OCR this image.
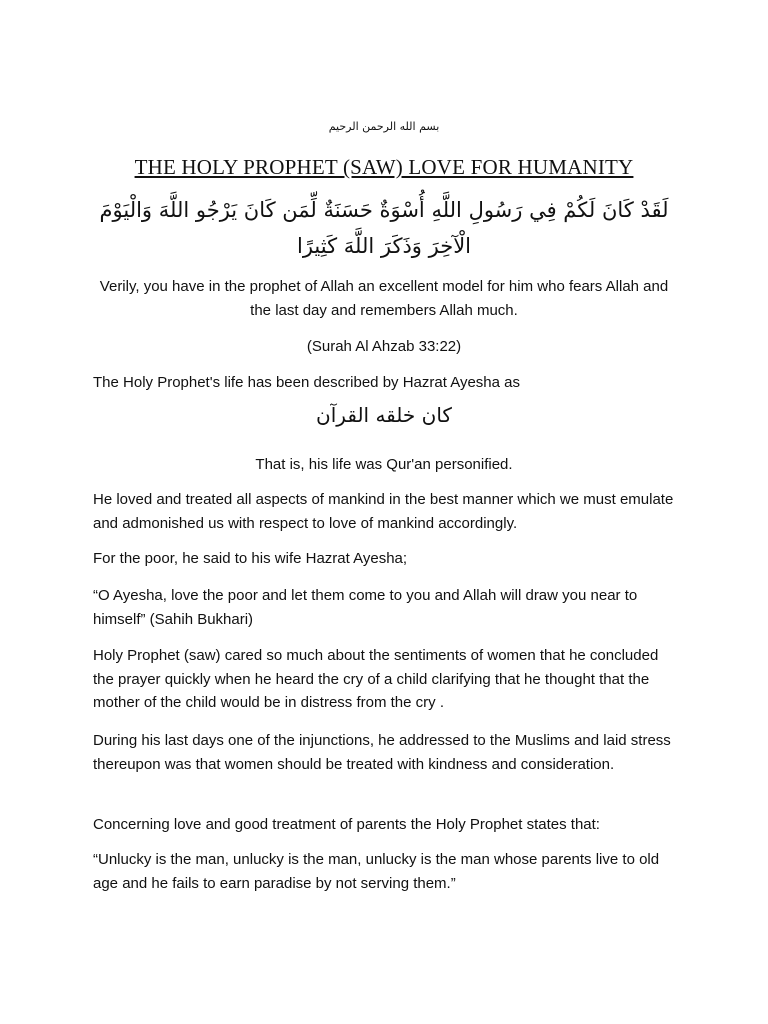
بسم الله الرحمن الرحيم
THE HOLY PROPHET (SAW) LOVE FOR HUMANITY
لَقَدْ كَانَ لَكُمْ فِي رَسُولِ اللَّهِ أُسْوَةٌ حَسَنَةٌ لِّمَن كَانَ يَرْجُو اللَّهَ وَالْيَوْمَ الْآخِرَ وَذَكَرَ اللَّهَ كَثِيرًا

Verily, you have in the prophet of Allah an excellent model for him who fears Allah and the last day and remembers Allah much.

(Surah Al Ahzab 33:22)

The Holy Prophet's life has been described by Hazrat Ayesha as

كان خلقه القرآن

That is, his life was Qur'an personified.

He loved and treated all aspects of mankind in the best manner which we must emulate and admonished us with respect to love of mankind accordingly.

For the poor, he said to his wife Hazrat Ayesha;

“O Ayesha, love the poor and let them come to you and Allah will draw you near to himself” (Sahih Bukhari)

Holy Prophet (saw) cared so much about the sentiments of women that he concluded the prayer quickly when he heard the cry of a child clarifying that he thought that the mother of the child would be in distress from the cry .

During his last days one of the injunctions, he addressed to the Muslims and laid stress thereupon was that women should be treated with kindness and consideration.

Concerning love and good treatment of parents the Holy Prophet states that:

“Unlucky is the man, unlucky is the man, unlucky is the man whose parents live to old age and he fails to earn paradise by not serving them.”
